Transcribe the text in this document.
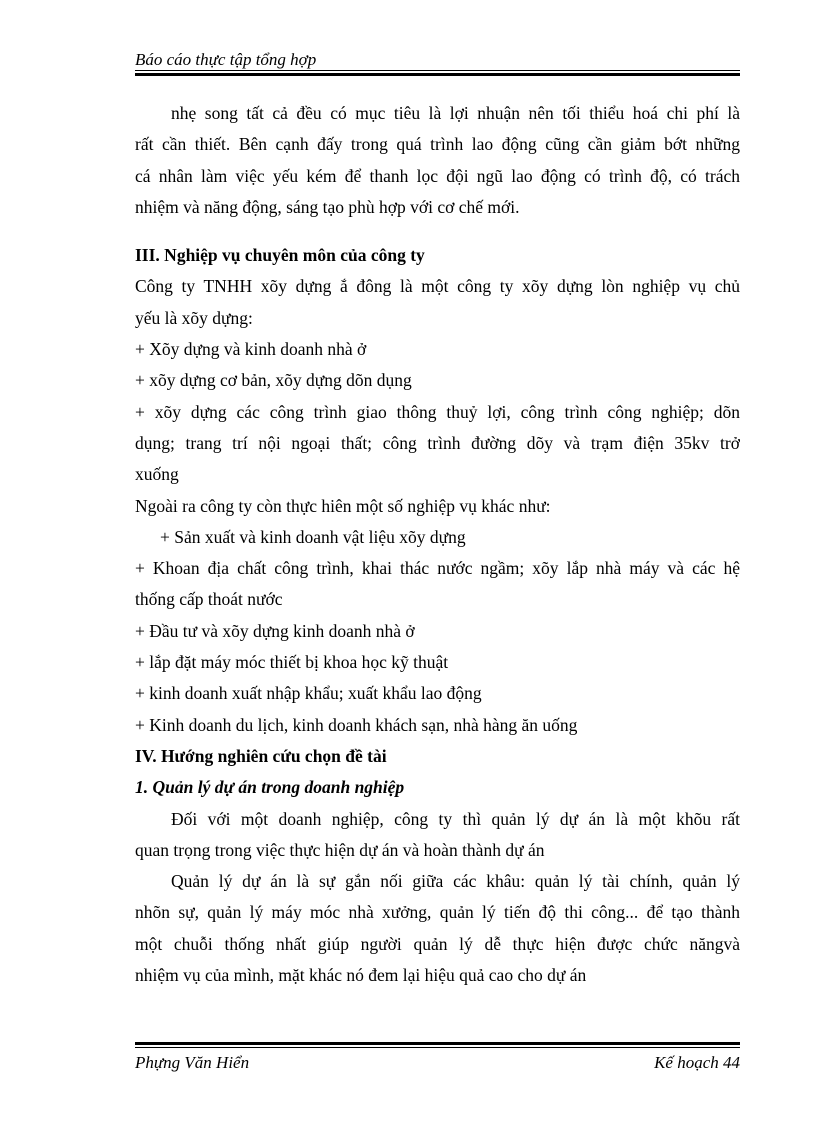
Báo cáo thực tập tổng hợp
nhẹ song tất cả đều có mục tiêu là lợi nhuận nên tối thiểu hoá chi phí là
rất cần thiết. Bên cạnh đấy trong quá trình lao động cũng cần giảm bớt những
cá nhân làm việc yếu kém để thanh lọc đội ngũ lao động có trình độ, có trách
nhiệm và năng động, sáng tạo phù hợp với cơ chế mới.
III. Nghiệp vụ chuyên môn của công ty
Công ty TNHH xõy dựng ắ đông là một công ty xõy dựng lòn nghiệp vụ chủ
yếu là xõy dựng:
+ Xõy dựng và kinh doanh nhà ở
+ xõy dựng cơ bản, xõy dựng dõn dụng
+ xõy dựng các công trình giao thông thuỷ lợi, công trình công nghiệp; dõn
dụng; trang trí nội ngoại thất; công trình đường dõy và trạm điện 35kv trở
xuống
Ngoài ra công ty còn thực hiên một số nghiệp vụ khác như:
+ Sản xuất và kinh doanh vật liệu xõy dựng
+ Khoan địa chất công trình, khai thác nước ngầm; xõy lắp nhà máy và các hệ
thống cấp thoát nước
+ Đầu tư và xõy dựng kinh doanh nhà ở
+ lắp đặt máy móc thiết bị khoa học kỹ thuật
+ kinh doanh xuất nhập khẩu; xuất khẩu lao động
+ Kinh doanh du lịch, kinh doanh khách sạn, nhà hàng ăn uống
IV. Hướng nghiên cứu chọn đề tài
1. Quản lý dự án trong doanh nghiệp
Đối với một doanh nghiệp, công ty thì quản lý dự án là một khõu rất
quan trọng trong việc thực hiện dự án và hoàn thành dự án
Quản lý dự án là sự gắn nối giữa các khâu: quản lý tài chính, quản lý
nhõn sự, quản lý máy móc nhà xưởng, quản lý tiến độ thi công... để tạo thành
một chuỗi thống nhất giúp người quản lý dễ thực hiện được chức năngvà
nhiệm vụ của mình, mặt khác nó đem lại hiệu quả cao cho dự án
Phựng Văn Hiển	Kế hoạch 44
